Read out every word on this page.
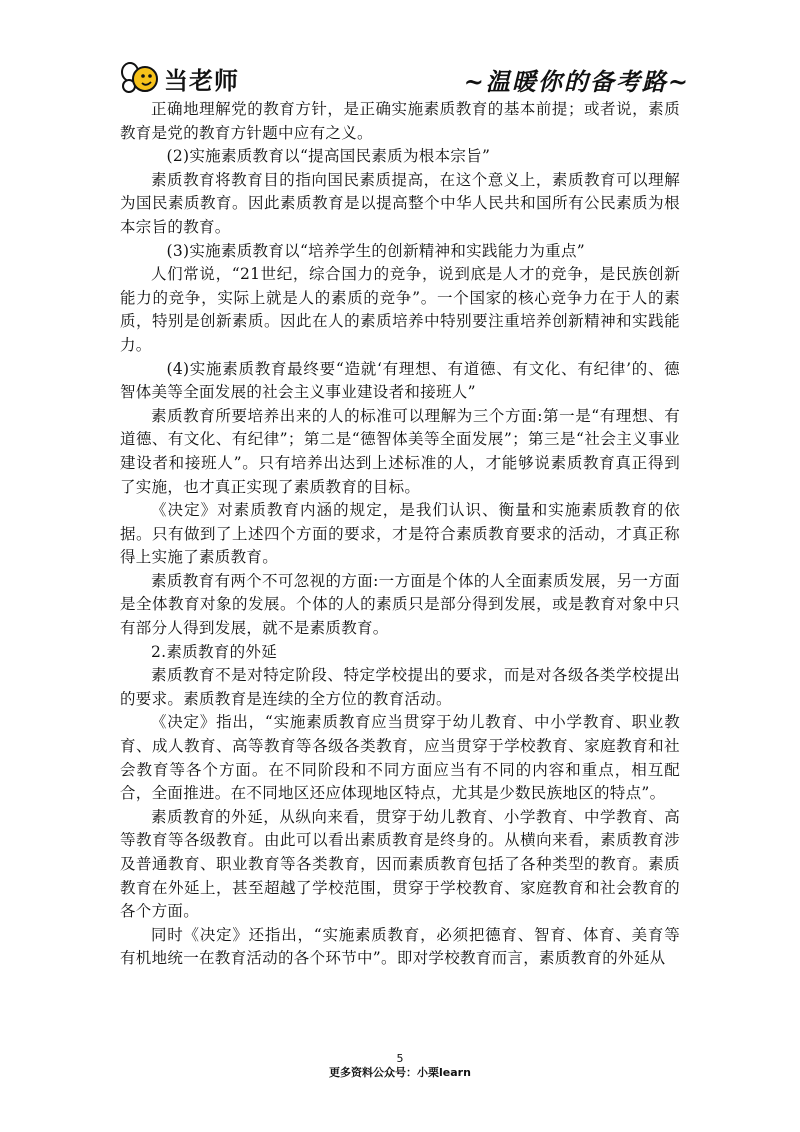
当老师	~温暖你的备考路~

正确地理解党的教育方针，是正确实施素质教育的基本前提；或者说，素质教育是党的教育方针题中应有之义。

(2)实施素质教育以“提高国民素质为根本宗旨”

素质教育将教育目的指向国民素质提高，在这个意义上，素质教育可以理解为国民素质教育。因此素质教育是以提高整个中华人民共和国所有公民素质为根本宗旨的教育。

(3)实施素质教育以“培养学生的创新精神和实践能力为重点”

人们常说，“21世纪，综合国力的竞争，说到底是人才的竞争，是民族创新能力的竞争，实际上就是人的素质的竞争”。一个国家的核心竞争力在于人的素质，特别是创新素质。因此在人的素质培养中特别要注重培养创新精神和实践能力。

(4)实施素质教育最终要“造就‘有理想、有道德、有文化、有纪律’的、德智体美等全面发展的社会主义事业建设者和接班人”

素质教育所要培养出来的人的标准可以理解为三个方面:第一是“有理想、有道德、有文化、有纪律”；第二是“德智体美等全面发展”；第三是“社会主义事业建设者和接班人”。只有培养出达到上述标准的人，才能够说素质教育真正得到了实施，也才真正实现了素质教育的目标。

《决定》对素质教育内涵的规定，是我们认识、衡量和实施素质教育的依据。只有做到了上述四个方面的要求，才是符合素质教育要求的活动，才真正称得上实施了素质教育。

素质教育有两个不可忽视的方面:一方面是个体的人全面素质发展，另一方面是全体教育对象的发展。个体的人的素质只是部分得到发展，或是教育对象中只有部分人得到发展，就不是素质教育。

2.素质教育的外延

素质教育不是对特定阶段、特定学校提出的要求，而是对各级各类学校提出的要求。素质教育是连续的全方位的教育活动。

《决定》指出，“实施素质教育应当贯穿于幼儿教育、中小学教育、职业教育、成人教育、高等教育等各级各类教育，应当贯穿于学校教育、家庭教育和社会教育等各个方面。在不同阶段和不同方面应当有不同的内容和重点，相互配合，全面推进。在不同地区还应体现地区特点，尤其是少数民族地区的特点”。

素质教育的外延，从纵向来看，贯穿于幼儿教育、小学教育、中学教育、高等教育等各级教育。由此可以看出素质教育是终身的。从横向来看，素质教育涉及普通教育、职业教育等各类教育，因而素质教育包括了各种类型的教育。素质教育在外延上，甚至超越了学校范围，贯穿于学校教育、家庭教育和社会教育的各个方面。

同时《决定》还指出，“实施素质教育，必须把德育、智育、体育、美育等有机地统一在教育活动的各个环节中”。即对学校教育而言，素质教育的外延从

5
更多资料公众号：小栗learn
